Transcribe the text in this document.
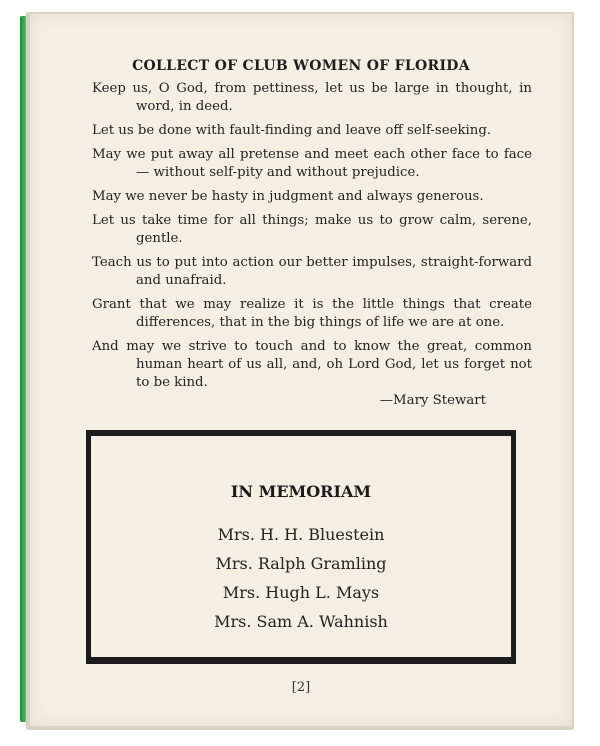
COLLECT OF CLUB WOMEN OF FLORIDA

Keep us, O God, from pettiness, let us be large in thought, in word, in deed.

Let us be done with fault-finding and leave off self-seeking.

May we put away all pretense and meet each other face to face— without self-pity and without prejudice.

May we never be hasty in judgment and always generous.

Let us take time for all things; make us to grow calm, serene, gentle.

Teach us to put into action our better impulses, straight-forward and unafraid.

Grant that we may realize it is the little things that create differences, that in the big things of life we are at one.

And may we strive to touch and to know the great, common human heart of us all, and, oh Lord God, let us forget not to be kind.

—Mary Stewart
IN MEMORIAM
Mrs. H. H. Bluestein
Mrs. Ralph Gramling
Mrs. Hugh L. Mays
Mrs. Sam A. Wahnish
[2]
